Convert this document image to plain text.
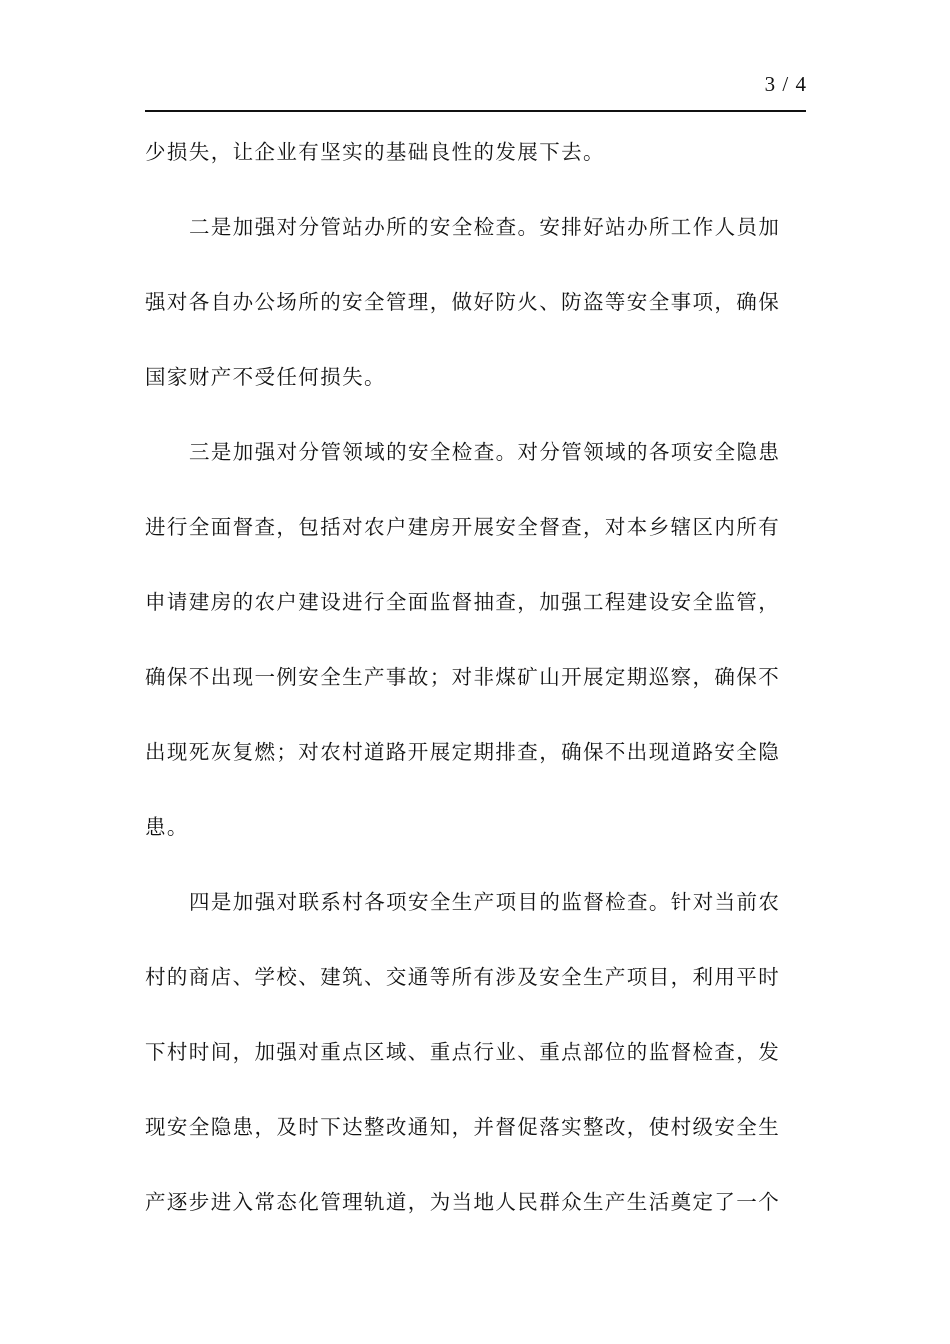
3 / 4
少损失，让企业有坚实的基础良性的发展下去。
二是加强对分管站办所的安全检查。安排好站办所工作人员加
强对各自办公场所的安全管理，做好防火、防盗等安全事项，确保
国家财产不受任何损失。
三是加强对分管领域的安全检查。对分管领域的各项安全隐患
进行全面督查，包括对农户建房开展安全督查，对本乡辖区内所有
申请建房的农户建设进行全面监督抽查，加强工程建设安全监管，
确保不出现一例安全生产事故；对非煤矿山开展定期巡察，确保不
出现死灰复燃；对农村道路开展定期排查，确保不出现道路安全隐
患。
四是加强对联系村各项安全生产项目的监督检查。针对当前农
村的商店、学校、建筑、交通等所有涉及安全生产项目，利用平时
下村时间，加强对重点区域、重点行业、重点部位的监督检查，发
现安全隐患，及时下达整改通知，并督促落实整改，使村级安全生
产逐步进入常态化管理轨道，为当地人民群众生产生活奠定了一个
